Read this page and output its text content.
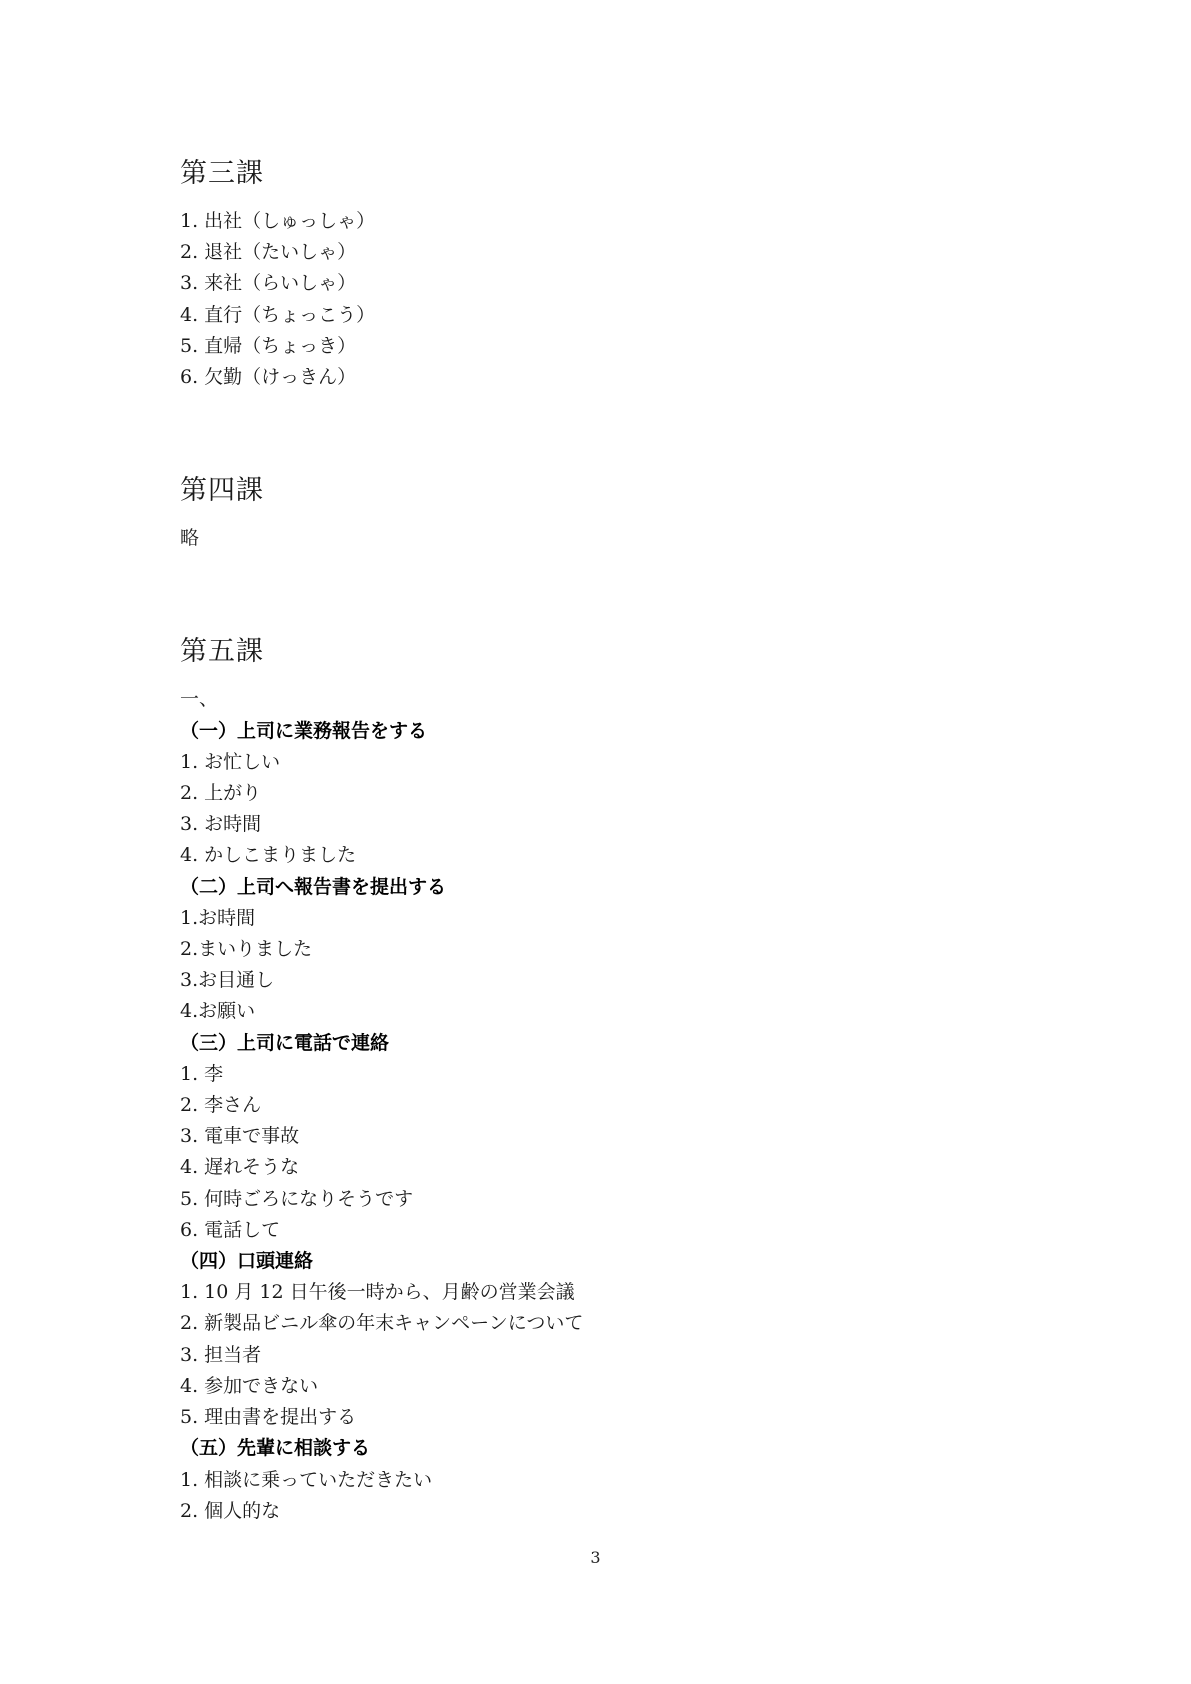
第三課

1. 出社（しゅっしゃ）

2. 退社（たいしゃ）

3. 来社（らいしゃ）

4. 直行（ちょっこう）

5. 直帰（ちょっき）

6. 欠勤（けっきん）

第四課

略

第五課

一、

（一）上司に業務報告をする

1. お忙しい

2. 上がり

3. お時間

4. かしこまりました

（二）上司へ報告書を提出する

1.お時間

2.まいりました

3.お目通し

4.お願い

（三）上司に電話で連絡

1. 李

2. 李さん

3. 電車で事故

4. 遅れそうな

5. 何時ごろになりそうです

6. 電話して

（四）口頭連絡

1. 10 月 12 日午後一時から、月齢の営業会議

2. 新製品ビニル傘の年末キャンペーンについて

3. 担当者

4. 参加できない

5. 理由書を提出する

（五）先輩に相談する

1. 相談に乗っていただきたい

2. 個人的な

3
